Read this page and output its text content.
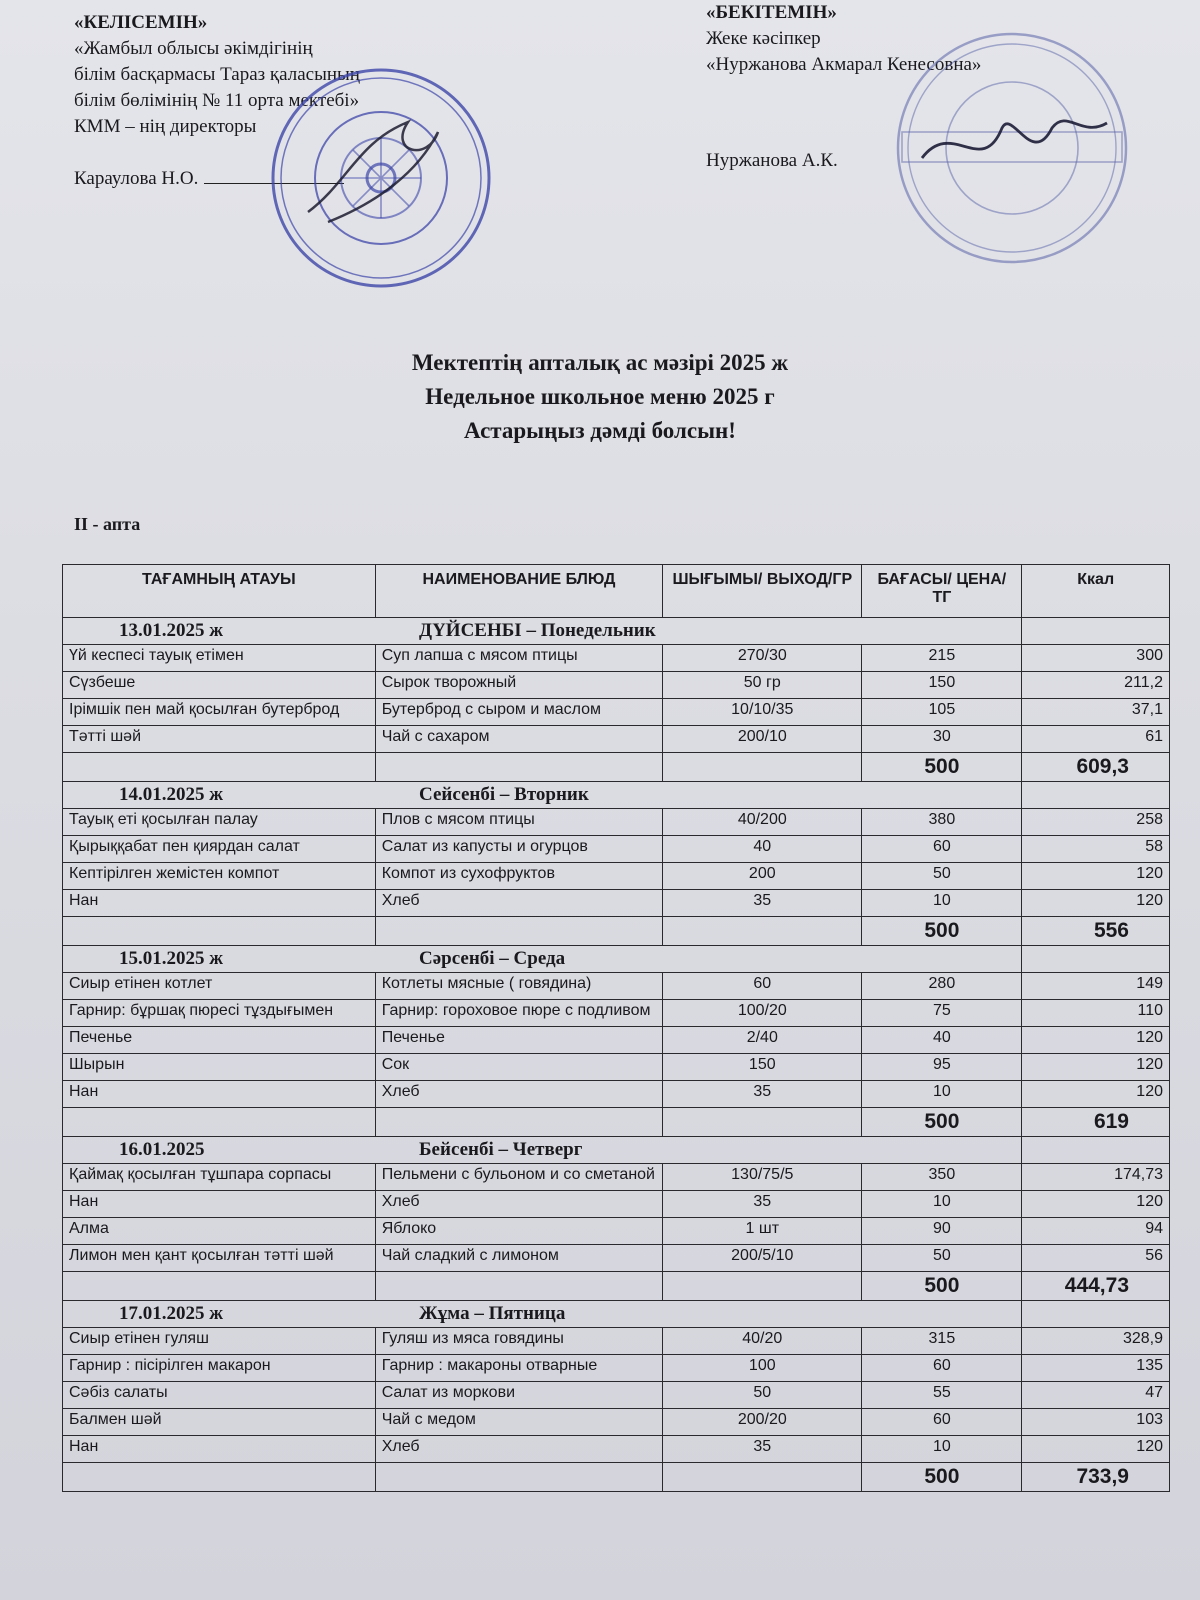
«КЕЛІСЕМІН»
«Жамбыл облысы әкімдігінің
білім басқармасы Тараз қаласының
білім бөлімінің № 11 орта мектебі»
КММ – нің директоры
Караулова Н.О.
«БЕКІТЕМІН»
Жеке кәсіпкер
«Нуржанова Акмарал Кенесовна»
Нуржанова А.К.
Мектептің апталық ас мәзірі 2025 ж
Недельное школьное меню 2025 г
Астарыңыз дәмді болсын!
II - апта
ТАҒАМНЫҢ АТАУЫ	НАИМЕНОВАНИЕ БЛЮД	ШЫҒЫМЫ/ ВЫХОД/ГР	БАҒАСЫ/ ЦЕНА/ТГ	Ккал
13.01.2025 ж ДҮЙСЕНБІ – Понедельник				
Үй кеспесі тауық етімен	Суп лапша с мясом птицы	270/30	215	300
Сүзбеше	Сырок творожный	50 гр	150	211,2
Ірімшік пен май қосылған бутерброд	Бутерброд с сыром и маслом	10/10/35	105	37,1
Тәтті шәй	Чай с сахаром	200/10	30	61
			500	609,3
14.01.2025 ж Сейсенбі – Вторник				
Тауық еті қосылған палау	Плов с мясом птицы	40/200	380	258
Қырыққабат пен қиярдан салат	Салат из капусты и огурцов	40	60	58
Кептірілген жемістен компот	Компот из сухофруктов	200	50	120
Нан	Хлеб	35	10	120
			500	556
15.01.2025 ж Сәрсенбі – Среда				
Сиыр етінен котлет	Котлеты мясные ( говядина)	60	280	149
Гарнир: бұршақ пюресі тұздығымен	Гарнир: гороховое пюре с подливом	100/20	75	110
Печенье	Печенье	2/40	40	120
Шырын	Сок	150	95	120
Нан	Хлеб	35	10	120
			500	619
16.01.2025 Бейсенбі – Четверг				
Қаймақ қосылған тұшпара сорпасы	Пельмени с бульоном и со сметаной	130/75/5	350	174,73
Нан	Хлеб	35	10	120
Алма	Яблоко	1 шт	90	94
Лимон мен қант қосылған тәтті шәй	Чай сладкий с лимоном	200/5/10	50	56
			500	444,73
17.01.2025 ж Жұма – Пятница				
Сиыр етінен гуляш	Гуляш из мяса говядины	40/20	315	328,9
Гарнир : пісірілген макарон	Гарнир : макароны отварные	100	60	135
Сәбіз салаты	Салат из моркови	50	55	47
Балмен шәй	Чай с медом	200/20	60	103
Нан	Хлеб	35	10	120
			500	733,9
